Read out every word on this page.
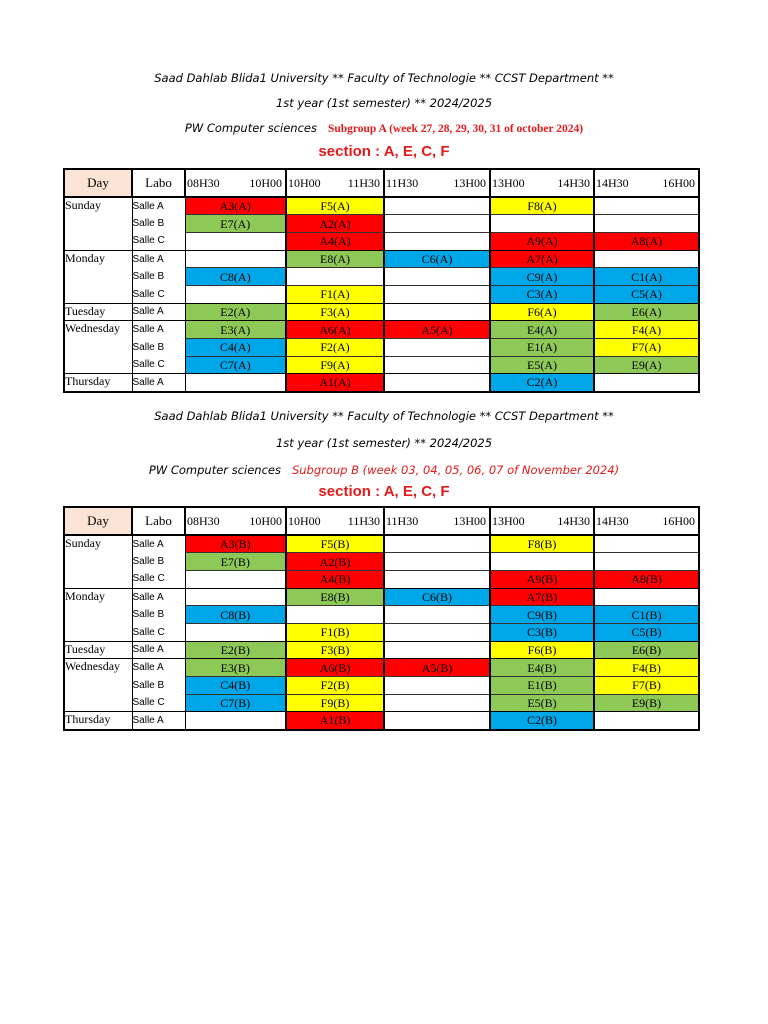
Saad Dahlab Blida1 University ** Faculty of Technologie ** CCST Department **
1st year (1st semester) ** 2024/2025
PW Computer sciences Subgroup A (week 27, 28, 29, 30, 31 of october 2024)
section : A, E, C, F
Day	Labo	08H30 10H00	10H00 11H30	11H30 13H00	13H00 14H30	14H30 16H00

Sunday	Salle A	A3(A)	F5(A)		F8(A)	
	Salle B	E7(A)	A2(A)			
	Salle C		A4(A)		A9(A)	A8(A)
Monday	Salle A		E8(A)	C6(A)	A7(A)	
	Salle B	C8(A)			C9(A)	C1(A)
	Salle C		F1(A)		C3(A)	C5(A)
Tuesday	Salle A	E2(A)	F3(A)		F6(A)	E6(A)
Wednesday	Salle A	E3(A)	A6(A)	A5(A)	E4(A)	F4(A)
	Salle B	C4(A)	F2(A)		E1(A)	F7(A)
	Salle C	C7(A)	F9(A)		E5(A)	E9(A)
Thursday	Salle A		A1(A)		C2(A)	
Saad Dahlab Blida1 University ** Faculty of Technologie ** CCST Department **
1st year (1st semester) ** 2024/2025
PW Computer sciences Subgroup B (week 03, 04, 05, 06, 07 of November 2024)
section : A, E, C, F
Day	Labo	08H30 10H00	10H00 11H30	11H30 13H00	13H00 14H30	14H30 16H00

Sunday	Salle A	A3(B)	F5(B)		F8(B)	
	Salle B	E7(B)	A2(B)			
	Salle C		A4(B)		A9(B)	A8(B)
Monday	Salle A		E8(B)	C6(B)	A7(B)	
	Salle B	C8(B)			C9(B)	C1(B)
	Salle C		F1(B)		C3(B)	C5(B)
Tuesday	Salle A	E2(B)	F3(B)		F6(B)	E6(B)
Wednesday	Salle A	E3(B)	A6(B)	A5(B)	E4(B)	F4(B)
	Salle B	C4(B)	F2(B)		E1(B)	F7(B)
	Salle C	C7(B)	F9(B)		E5(B)	E9(B)
Thursday	Salle A		A1(B)		C2(B)	
